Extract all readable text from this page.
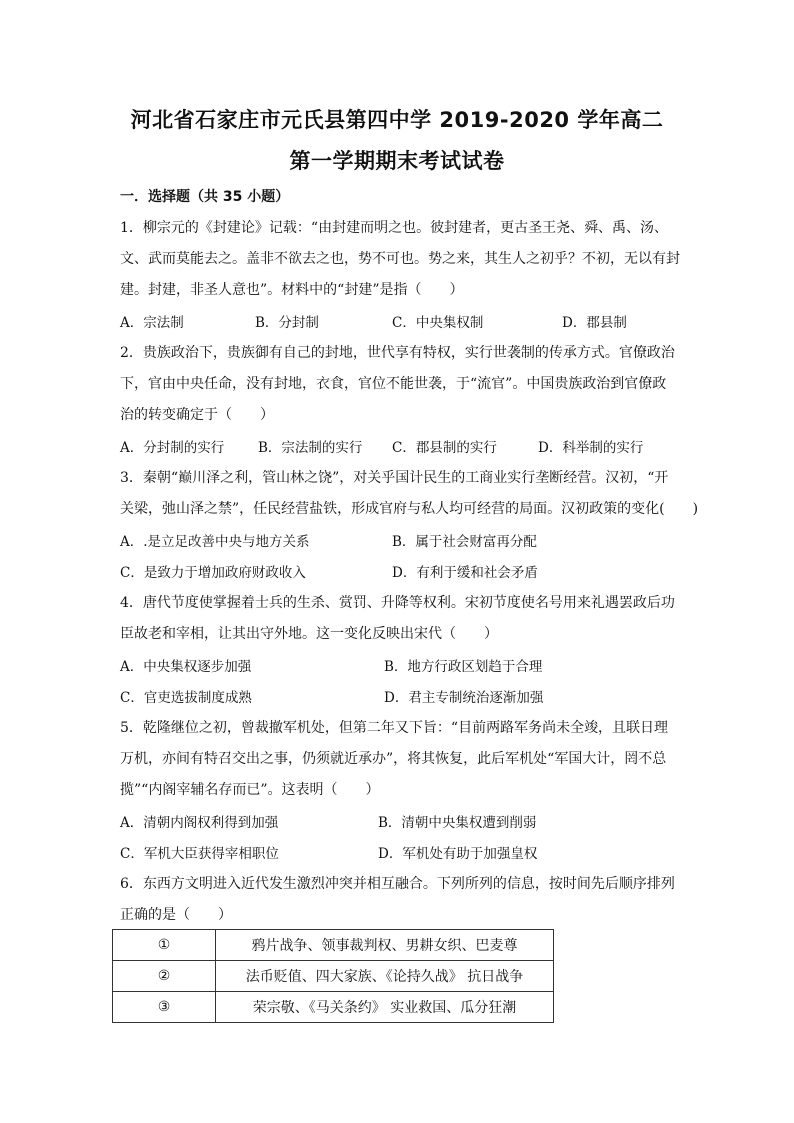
河北省石家庄市元氏县第四中学 2019-2020 学年高二
第一学期期末考试试卷
一．选择题（共 35 小题）
1．柳宗元的《封建论》记载：“由封建而明之也。彼封建者，更古圣王尧、舜、禹、汤、
文、武而莫能去之。盖非不欲去之也，势不可也。势之来，其生人之初乎？不初，无以有封
建。封建，非圣人意也”。材料中的“封建”是指（　　）
A．宗法制	B．分封制	C．中央集权制	D．郡县制
2．贵族政治下，贵族御有自己的封地，世代享有特权，实行世袭制的传承方式。官僚政治
下，官由中央任命，没有封地，衣食，官位不能世袭，于“流官”。中国贵族政治到官僚政
治的转变确定于（　　）
A．分封制的实行	B．宗法制的实行 C．郡县制的实行	D．科举制的实行
3．秦朝“巅川泽之利，管山林之饶”，对关乎国计民生的工商业实行垄断经营。汉初，“开
关梁，弛山泽之禁”，任民经营盐铁，形成官府与私人均可经营的局面。汉初政策的变化(　　)
A．.是立足改善中央与地方关系	B．属于社会财富再分配
C．是致力于增加政府财政收入	D．有利于缓和社会矛盾
4．唐代节度使掌握着士兵的生杀、赏罚、升降等权利。宋初节度使名号用来礼遇罢政后功
臣故老和宰相，让其出守外地。这一变化反映出宋代（　　）
A．中央集权逐步加强	B．地方行政区划趋于合理
C．官吏选拔制度成熟	D．君主专制统治逐渐加强
5．乾隆继位之初，曾裁撤军机处，但第二年又下旨：“目前两路军务尚未全竣，且联日理
万机，亦间有特召交出之事，仍须就近承办”，将其恢复，此后军机处“军国大计，罔不总
揽”“内阁宰辅名存而已”。这表明（　　）
A．清朝内阁权利得到加强	B．清朝中央集权遭到削弱
C．军机大臣获得宰相职位	D．军机处有助于加强皇权
6．东西方文明进入近代发生激烈冲突并相互融合。下列所列的信息，按时间先后顺序排列
正确的是（　　）
①	鸦片战争、领事裁判权、男耕女织、巴麦尊
②	法币贬值、四大家族、《论持久战》 抗日战争
③	荣宗敬、《马关条约》 实业救国、瓜分狂潮
